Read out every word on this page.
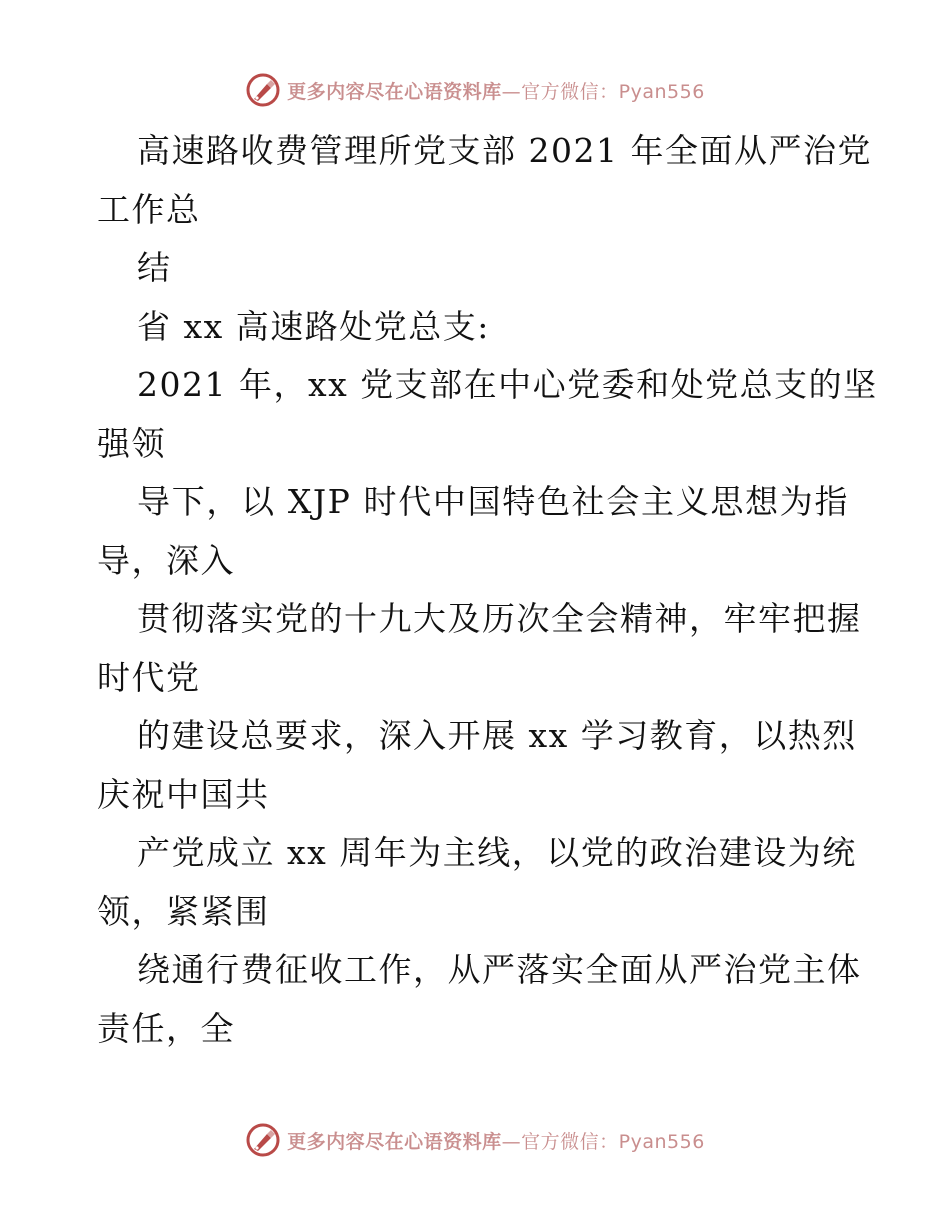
更多内容尽在心语资料库—官方微信：Pyan556
高速路收费管理所党支部 2021 年全面从严治党
工作总
结
省 xx 高速路处党总支:
2021 年，xx 党支部在中心党委和处党总支的坚
强领
导下，以 XJP 时代中国特色社会主义思想为指
导，深入
贯彻落实党的十九大及历次全会精神，牢牢把握
时代党
的建设总要求，深入开展 xx 学习教育，以热烈
庆祝中国共
产党成立 xx 周年为主线，以党的政治建设为统
领，紧紧围
绕通行费征收工作，从严落实全面从严治党主体
责任，全
更多内容尽在心语资料库—官方微信：Pyan556
